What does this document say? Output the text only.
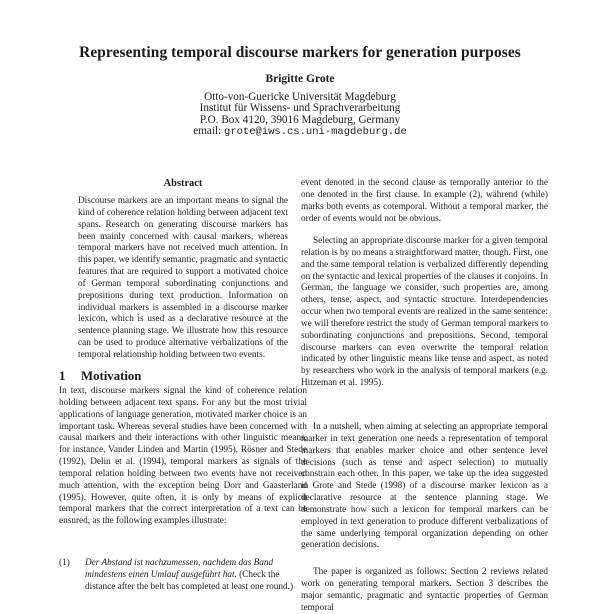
Representing temporal discourse markers for generation purposes
Brigitte Grote
Otto-von-Guericke Universität Magdeburg
Institut für Wissens- und Sprachverarbeitung
P.O. Box 4120, 39016 Magdeburg, Germany
email: grote@iws.cs.uni-magdeburg.de
Abstract
Discourse markers are an important means to signal the kind of coherence relation holding between adjacent text spans. Research on generating discourse markers has been mainly concerned with causal markers, whereas temporal markers have not received much attention. In this paper, we identify semantic, pragmatic and syntactic features that are required to support a motivated choice of German temporal subordinating conjunctions and prepositions during text production. Information on individual markers is assembled in a discourse marker lexicon, which is used as a declarative resource at the sentence planning stage. We illustrate how this resource can be used to produce alternative verbalizations of the temporal relationship holding between two events.
1 Motivation
In text, discourse markers signal the kind of coherence relation holding between adjacent text spans. For any but the most trivial applications of language generation, motivated marker choice is an important task. Whereas several studies have been concerned with causal markers and their interactions with other linguistic means, for instance, Vander Linden and Martin (1995), Rösner and Stede (1992), Delin et al. (1994), temporal markers as signals of the temporal relation holding between two events have not received much attention, with the exception being Dorr and Gaasterland (1995). However, quite often, it is only by means of explicit temporal markers that the correct interpretation of a text can be ensured, as the following examples illustrate:
(1) Der Abstand ist nachzumessen, nachdem das Band mindestens einen Umlauf ausgeführt hat. (Check the distance after the belt has completed at least one round.)
event denoted in the second clause as temporally anterior to the one denoted in the first clause. In example (2), während (while) marks both events as cotemporal. Without a temporal marker, the order of events would not be obvious.
Selecting an appropriate discourse marker for a given temporal relation is by no means a straightforward matter, though. First, one and the same temporal relation is verbalized differently depending on the syntactic and lexical properties of the clauses it conjoins. In German, the language we consider, such properties are, among others, tense, aspect, and syntactic structure. Interdependencies occur when two temporal events are realized in the same sentence: we will therefore restrict the study of German temporal markers to subordinating conjunctions and prepositions. Second, temporal discourse markers can even overwrite the temporal relation indicated by other linguistic means like tense and aspect, as noted by researchers who work in the analysis of temporal markers (e.g. Hitzeman et al. 1995).
In a nutshell, when aiming at selecting an appropriate temporal marker in text generation one needs a representation of temporal markers that enables marker choice and other sentence level decisions (such as tense and aspect selection) to mutually constrain each other. In this paper, we take up the idea suggested in Grote and Stede (1998) of a discourse marker lexicon as a declarative resource at the sentence planning stage. We demonstrate how such a lexicon for temporal markers can be employed in text generation to produce different verbalizations of the same underlying temporal organization depending on other generation decisions.
The paper is organized as follows: Section 2 reviews related work on generating temporal markers. Section 3 describes the major semantic, pragmatic and syntactic properties of German temporal
